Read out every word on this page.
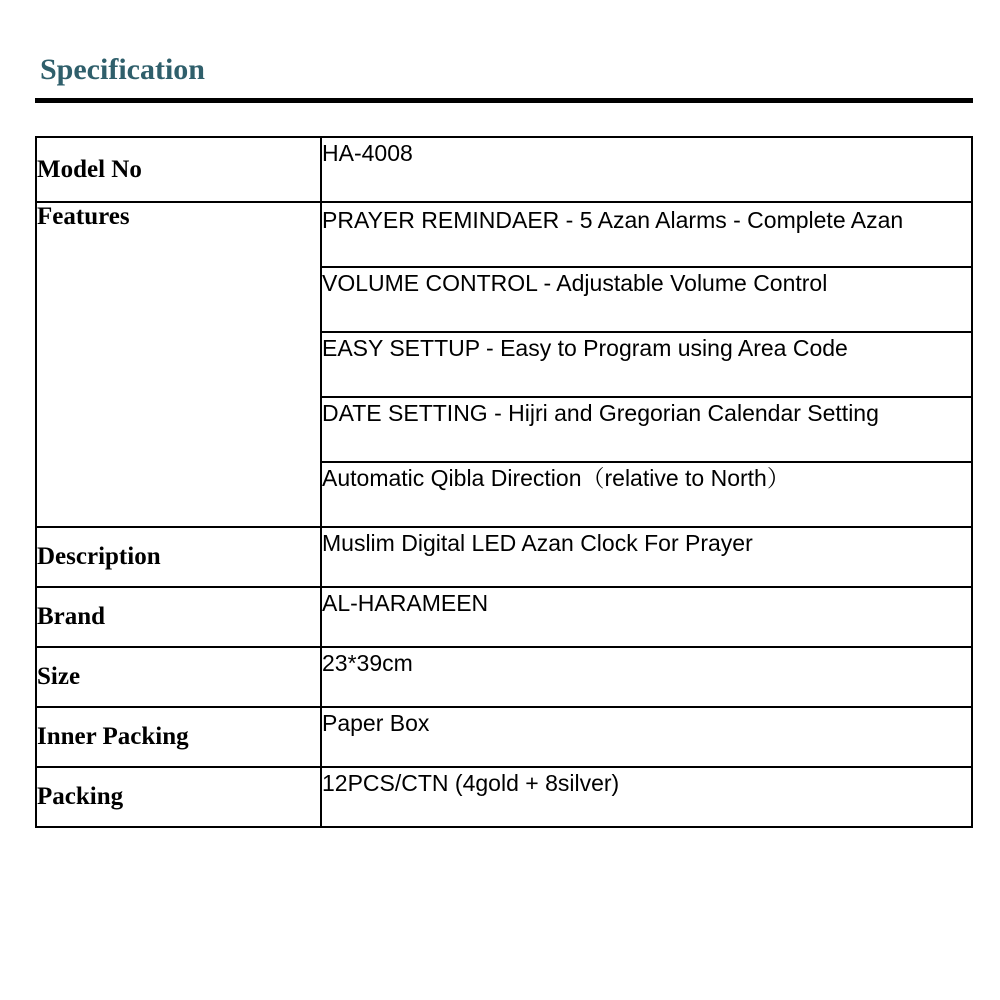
Specification
Model No	HA-4008
Features	PRAYER REMINDAER - 5 Azan Alarms - Complete Azan
	VOLUME CONTROL - Adjustable Volume Control
	EASY SETTUP - Easy to Program using Area Code
	DATE SETTING - Hijri and Gregorian Calendar Setting
	Automatic Qibla Direction（relative to North）
Description	Muslim Digital LED Azan Clock For Prayer
Brand	AL-HARAMEEN
Size	23*39cm
Inner Packing	Paper Box
Packing	12PCS/CTN (4gold + 8silver)
